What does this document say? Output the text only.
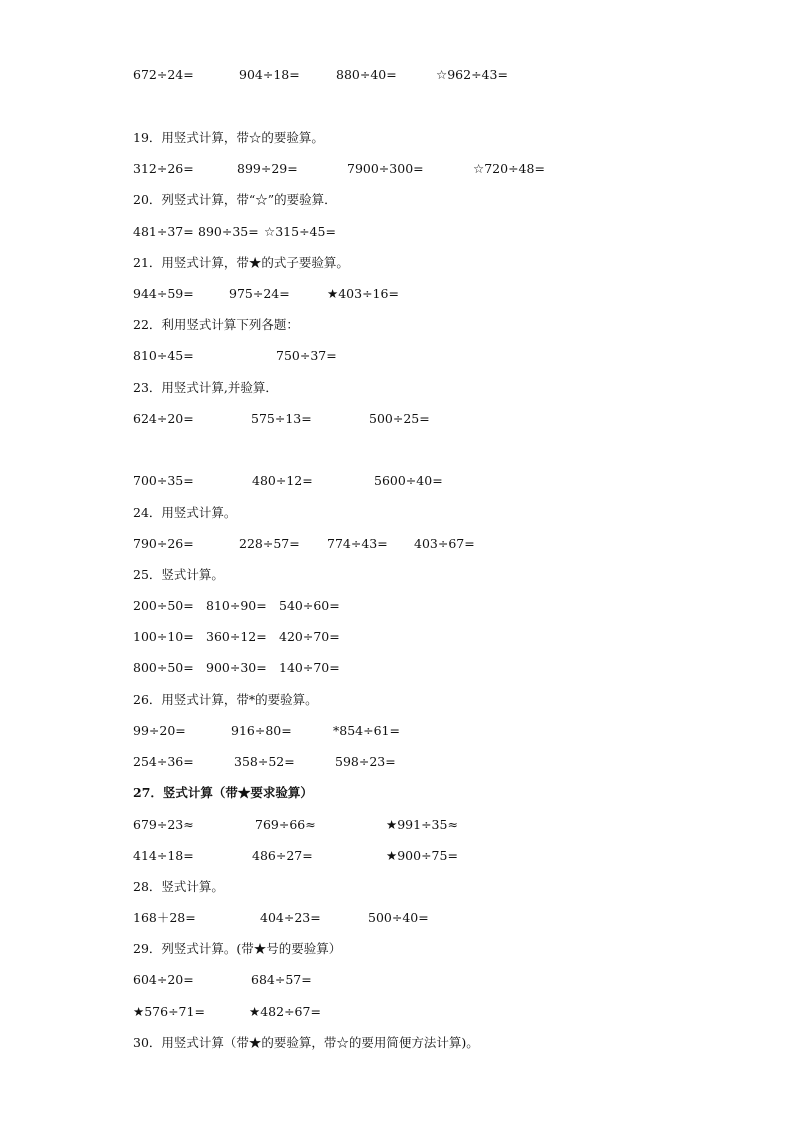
672÷24=	904÷18=	880÷40=	☆962÷43=
19．用竖式计算，带☆的要验算。
312÷26=	899÷29=	7900÷300=	☆720÷48=
20．列竖式计算，带“☆”的要验算．
481÷37= 890÷35= ☆315÷45=
21．用竖式计算，带★的式子要验算。
944÷59=	975÷24=	★403÷16=
22．利用竖式计算下列各题：
810÷45=	750÷37=
23．用竖式计算,并验算．
624÷20=	575÷13=	500÷25=
700÷35=	480÷12=	5600÷40=
24．用竖式计算。
790÷26=	228÷57= 774÷43= 403÷67=
25．竖式计算。
200÷50= 810÷90= 540÷60=
100÷10= 360÷12= 420÷70=
800÷50= 900÷30= 140÷70=
26．用竖式计算，带*的要验算。
99÷20=	916÷80=	*854÷61=
254÷36=	358÷52=	598÷23=
27．竖式计算（带★要求验算）
679÷23≈	769÷66≈	★991÷35≈
414÷18=	486÷27=	★900÷75=
28．竖式计算。
168＋28=	404÷23=	500÷40=
29．列竖式计算。(带★号的要验算）
604÷20=	684÷57=
★576÷71=	★482÷67=
30．用竖式计算（带★的要验算，带☆的要用简便方法计算)。
